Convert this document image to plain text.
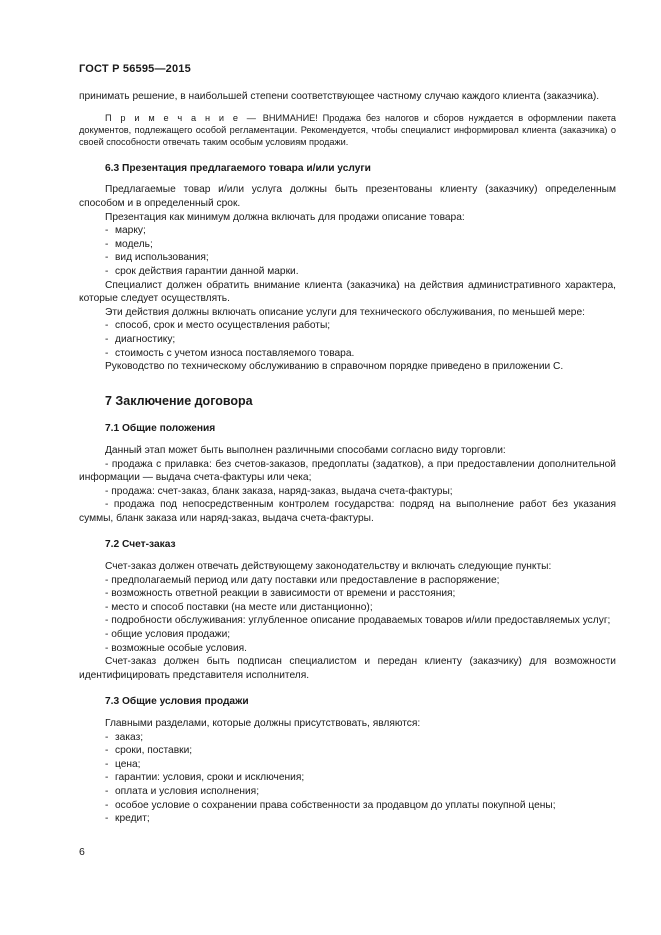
ГОСТ Р 56595—2015

принимать решение, в наибольшей степени соответствующее частному случаю каждого клиента (заказчика).

П р и м е ч а н и е — ВНИМАНИЕ! Продажа без налогов и сборов нуждается в оформлении пакета документов, подлежащего особой регламентации. Рекомендуется, чтобы специалист информировал клиента (заказчика) о своей способности отвечать таким особым условиям продажи.

6.3 Презентация предлагаемого товара и/или услуги

Предлагаемые товар и/или услуга должны быть презентованы клиенту (заказчику) определенным способом и в определенный срок.

Презентация как минимум должна включать для продажи описание товара:

- марку;

- модель;

- вид использования;

- срок действия гарантии данной марки.

Специалист должен обратить внимание клиента (заказчика) на действия административного характера, которые следует осуществлять.

Эти действия должны включать описание услуги для технического обслуживания, по меньшей мере:

- способ, срок и место осуществления работы;

- диагностику;

- стоимость с учетом износа поставляемого товара.

Руководство по техническому обслуживанию в справочном порядке приведено в приложении С.

7 Заключение договора
7.1 Общие положения

Данный этап может быть выполнен различными способами согласно виду торговли:

- продажа с прилавка: без счетов-заказов, предоплаты (задатков), а при предоставлении дополнительной информации — выдача счета-фактуры или чека;

- продажа: счет-заказ, бланк заказа, наряд-заказ, выдача счета-фактуры;

- продажа под непосредственным контролем государства: подряд на выполнение работ без указания суммы, бланк заказа или наряд-заказ, выдача счета-фактуры.

7.2 Счет-заказ

Счет-заказ должен отвечать действующему законодательству и включать следующие пункты:

- предполагаемый период или дату поставки или предоставление в распоряжение;

- возможность ответной реакции в зависимости от времени и расстояния;

- место и способ поставки (на месте или дистанционно);

- подробности обслуживания: углубленное описание продаваемых товаров и/или предоставляемых услуг;

- общие условия продажи;

- возможные особые условия.

Счет-заказ должен быть подписан специалистом и передан клиенту (заказчику) для возможности идентифицировать представителя исполнителя.

7.3 Общие условия продажи

Главными разделами, которые должны присутствовать, являются:

- заказ;

- сроки, поставки;

- цена;

- гарантии: условия, сроки и исключения;

- оплата и условия исполнения;

- особое условие о сохранении права собственности за продавцом до уплаты покупной цены;

- кредит;

6
